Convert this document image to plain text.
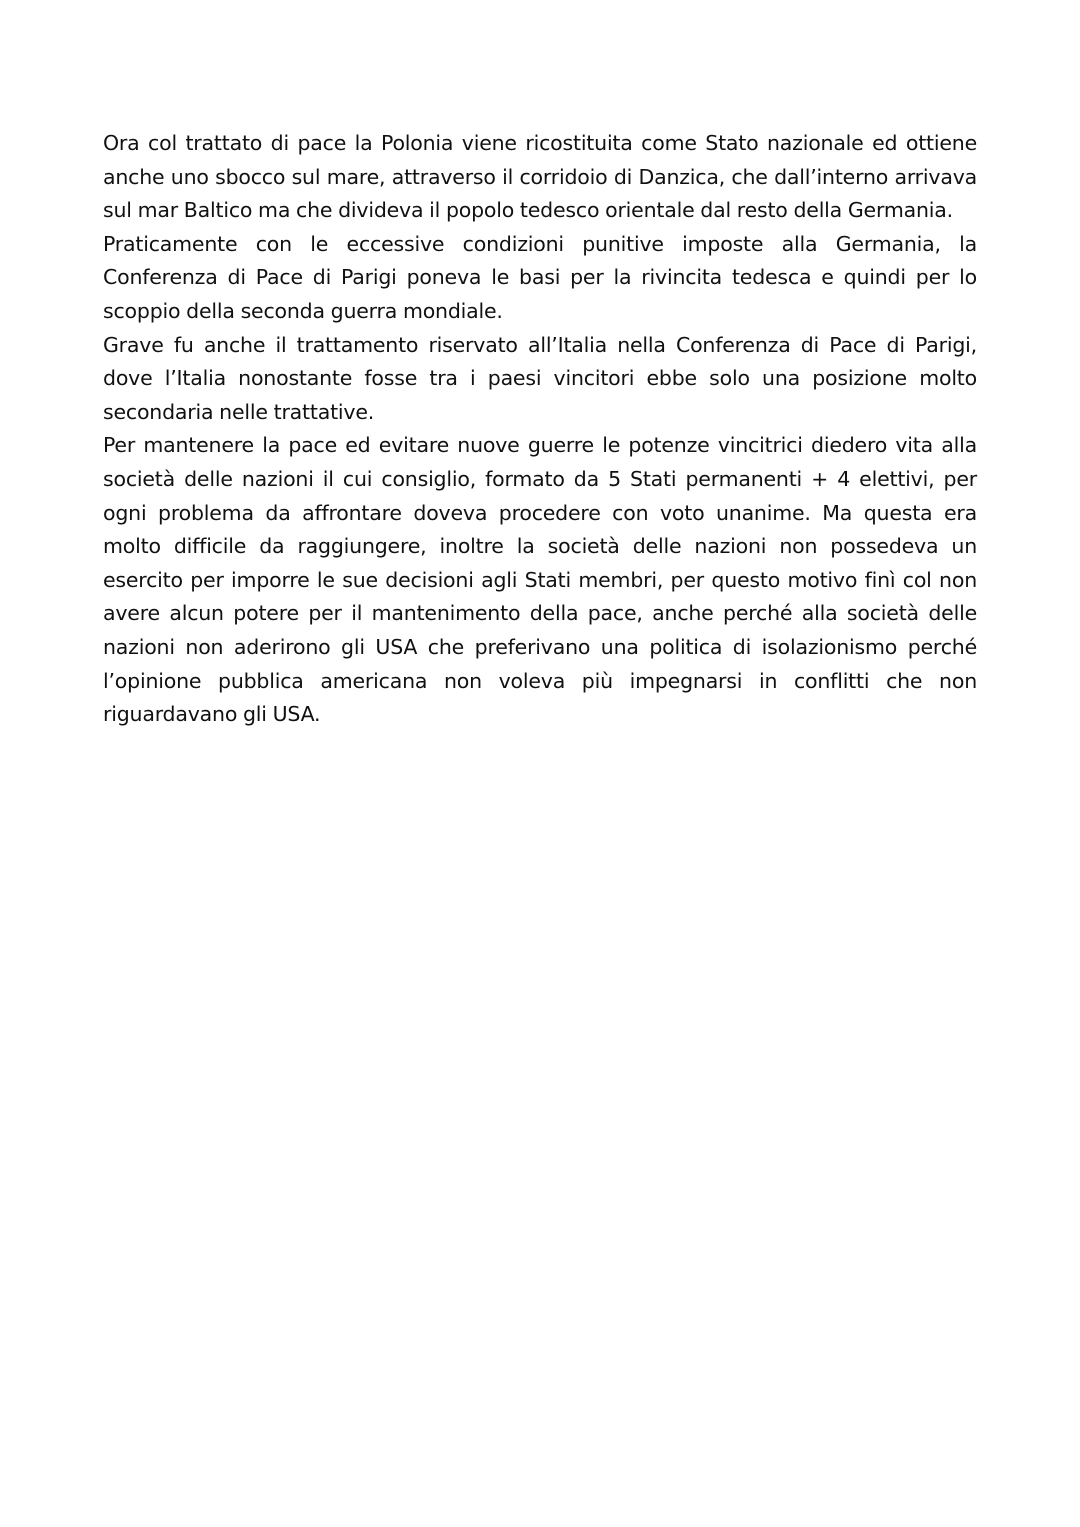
Ora col trattato di pace la Polonia viene ricostituita come Stato nazionale ed ottiene anche uno sbocco sul mare, attraverso il corridoio di Danzica, che dall’interno arrivava sul mar Baltico ma che divideva il popolo tedesco orientale dal resto della Germania.

Praticamente con le eccessive condizioni punitive imposte alla Germania, la Conferenza di Pace di Parigi poneva le basi per la rivincita tedesca e quindi per lo scoppio della seconda guerra mondiale.

Grave fu anche il trattamento riservato all’Italia nella Conferenza di Pace di Parigi, dove l’Italia nonostante fosse tra i paesi vincitori ebbe solo una posizione molto secondaria nelle trattative.

Per mantenere la pace ed evitare nuove guerre le potenze vincitrici diedero vita alla società delle nazioni il cui consiglio, formato da 5 Stati permanenti + 4 elettivi, per ogni problema da affrontare doveva procedere con voto unanime. Ma questa era molto difficile da raggiungere, inoltre la società delle nazioni non possedeva un esercito per imporre le sue decisioni agli Stati membri, per questo motivo finì col non avere alcun potere per il mantenimento della pace, anche perché alla società delle nazioni non aderirono gli USA che preferivano una politica di isolazionismo perché l’opinione pubblica americana non voleva più impegnarsi in conflitti che non riguardavano gli USA.
